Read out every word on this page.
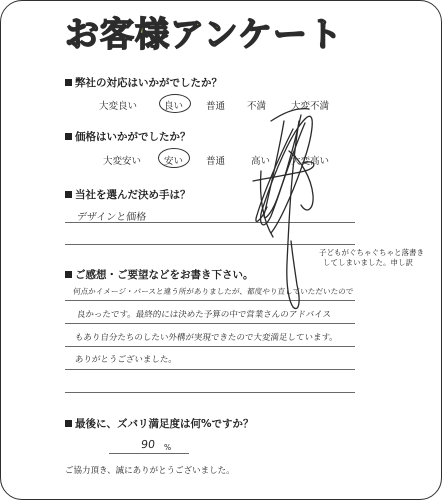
お客様アンケート
弊社の対応はいかがでしたか？
大変良い	良い 普通 不満	大変不満
価格はいかがでしたか？
大変安い 安い 普通	高い 大変高い
当社を選んだ決め手は？
デザインと価格
子どもがぐちゃぐちゃと落書き
してしまいました。申し訳
ご感想・ご要望などをお書き下さい。
何点かイメージ・パースと違う所がありましたが、都度やり直していただいたので
良かったです。最終的には決めた予算の中で営業さんのアドバイス
もあり自分たちのしたい外構が実現できたので大変満足しています。
ありがとうございました。
最後に、ズバリ満足度は何%ですか？
90 %
ご協力頂き、誠にありがとうございました。
